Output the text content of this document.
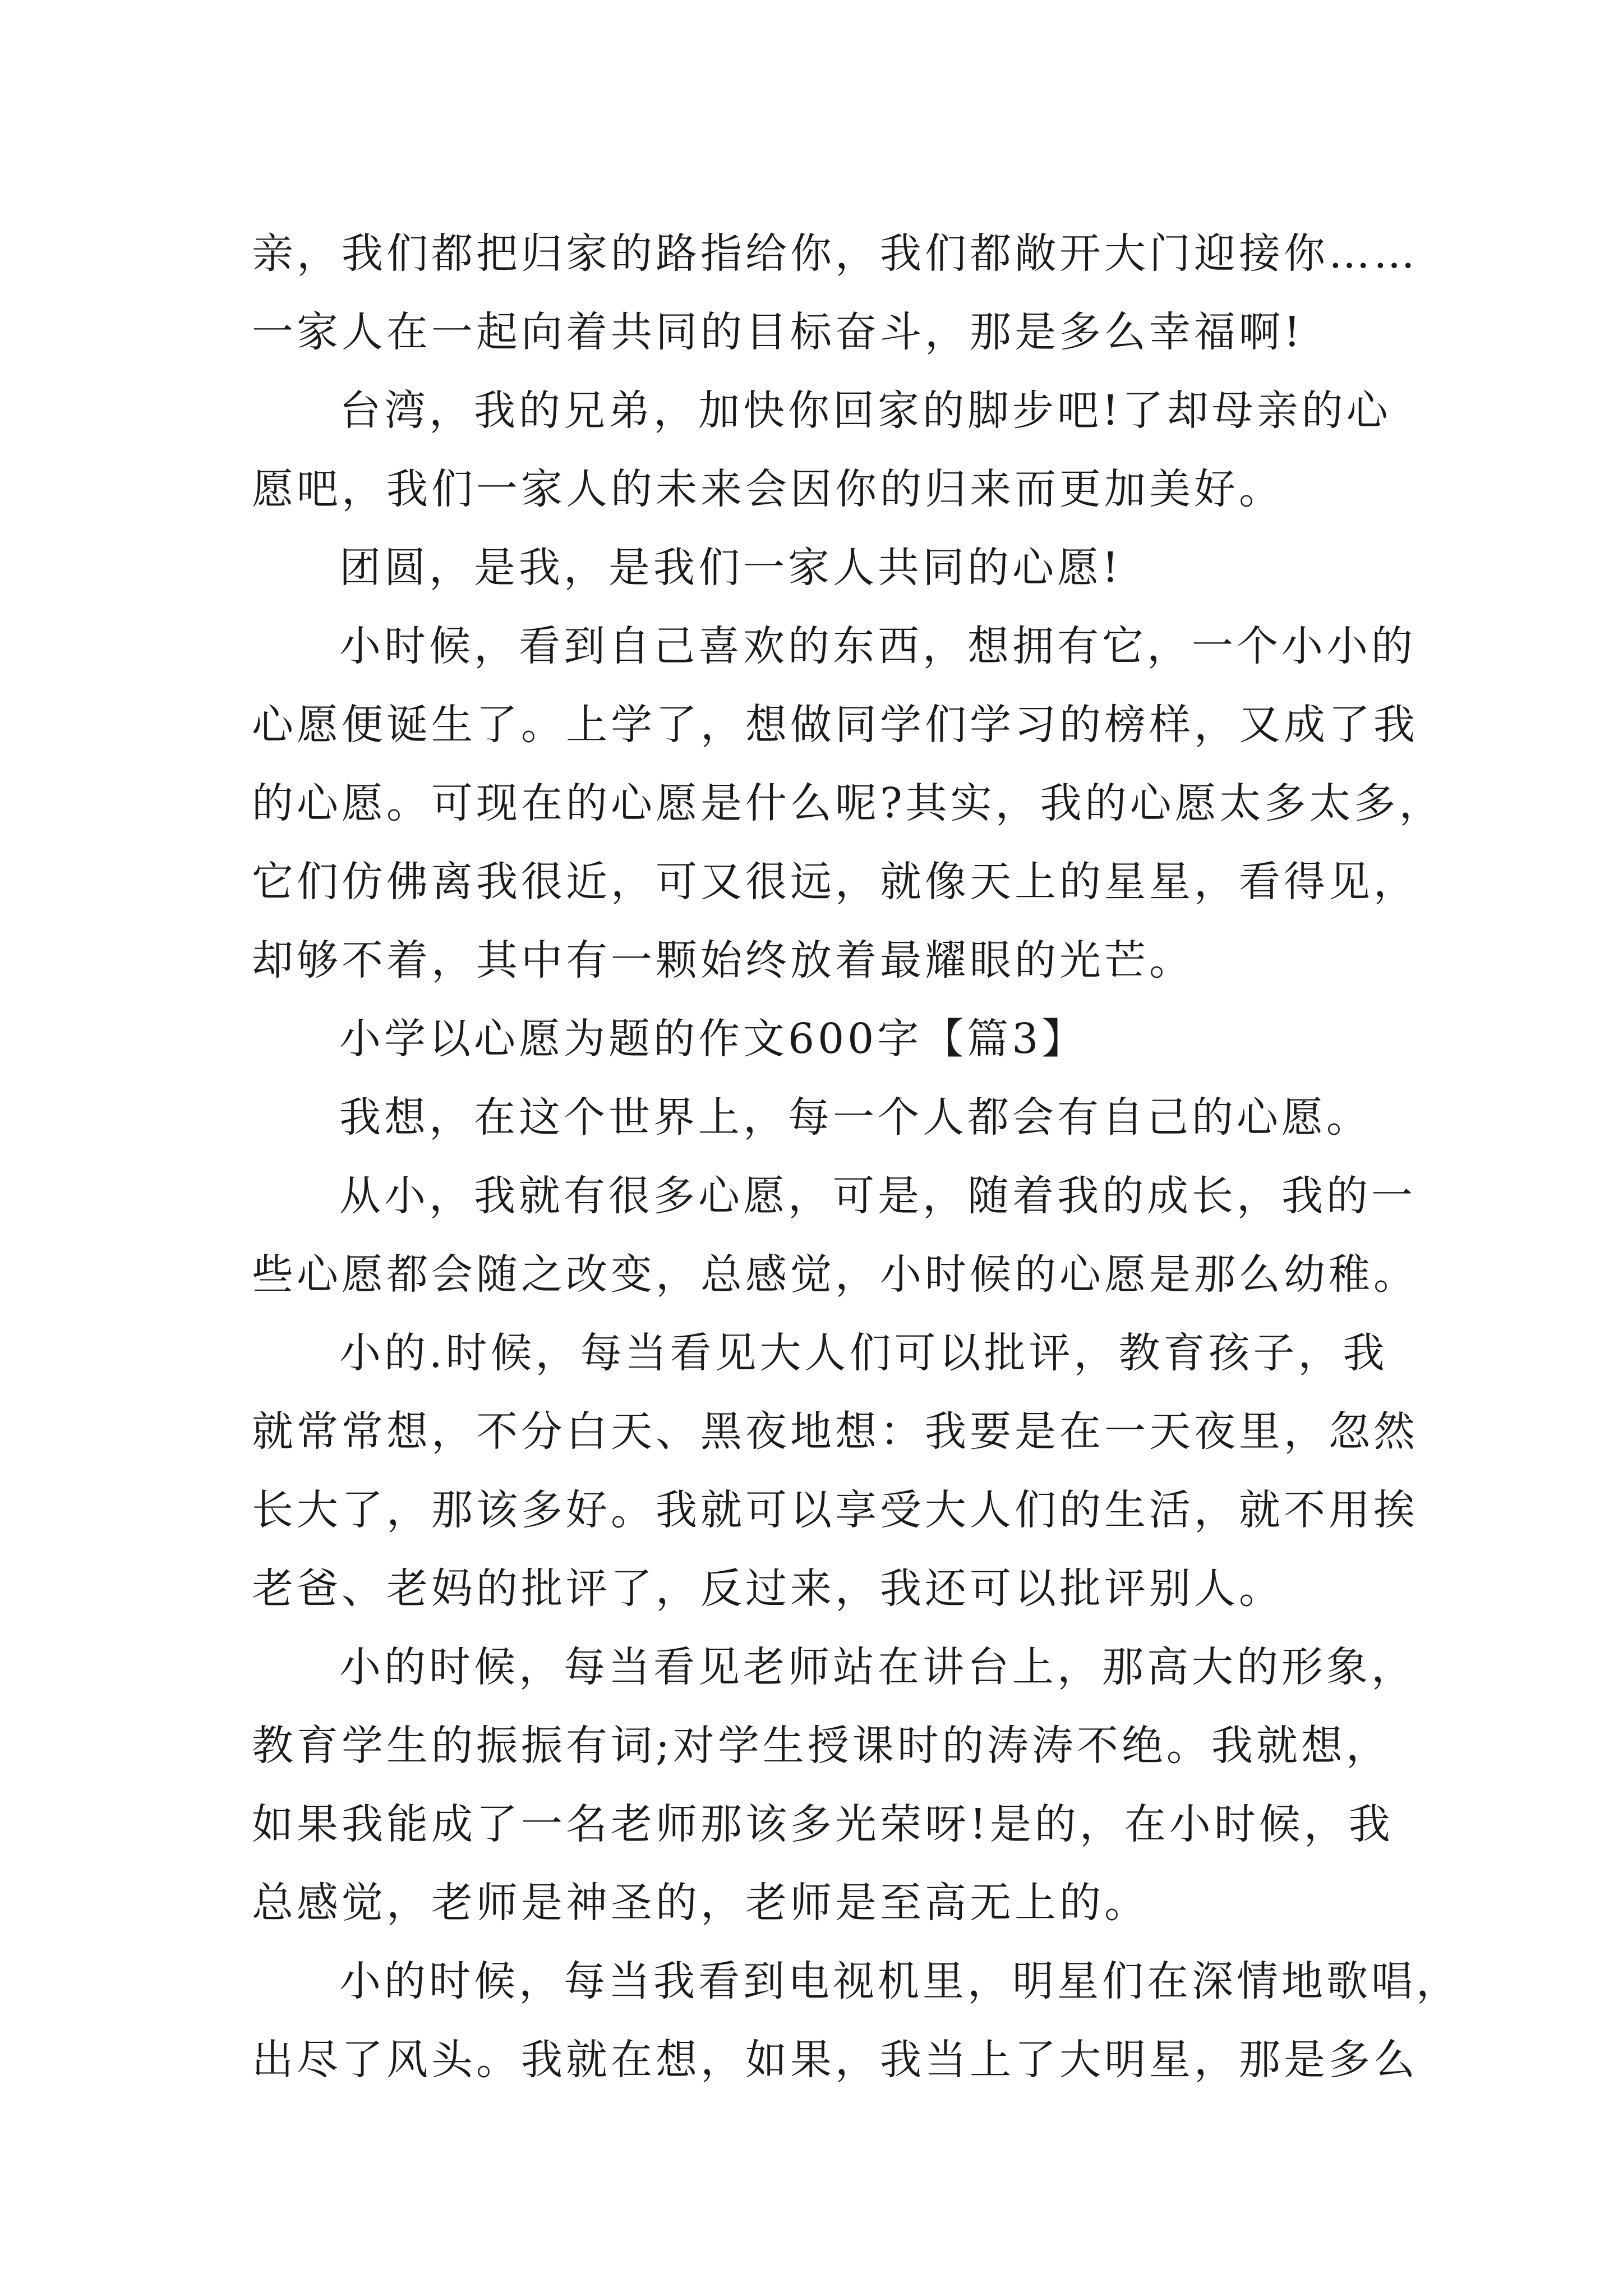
亲，我们都把归家的路指给你，我们都敞开大门迎接你……
一家人在一起向着共同的目标奋斗，那是多么幸福啊!
台湾，我的兄弟，加快你回家的脚步吧!了却母亲的心
愿吧，我们一家人的未来会因你的归来而更加美好。
团圆，是我，是我们一家人共同的心愿!
小时候，看到自己喜欢的东西，想拥有它，一个小小的
心愿便诞生了。上学了，想做同学们学习的榜样，又成了我
的心愿。可现在的心愿是什么呢?其实，我的心愿太多太多，
它们仿佛离我很近，可又很远，就像天上的星星，看得见，
却够不着，其中有一颗始终放着最耀眼的光芒。
小学以心愿为题的作文600字【篇3】
我想，在这个世界上，每一个人都会有自己的心愿。
从小，我就有很多心愿，可是，随着我的成长，我的一
些心愿都会随之改变，总感觉，小时候的心愿是那么幼稚。
小的.时候，每当看见大人们可以批评，教育孩子，我
就常常想，不分白天、黑夜地想：我要是在一天夜里，忽然
长大了，那该多好。我就可以享受大人们的生活，就不用挨
老爸、老妈的批评了，反过来，我还可以批评别人。
小的时候，每当看见老师站在讲台上，那高大的形象，
教育学生的振振有词;对学生授课时的涛涛不绝。我就想，
如果我能成了一名老师那该多光荣呀!是的，在小时候，我
总感觉，老师是神圣的，老师是至高无上的。
小的时候，每当我看到电视机里，明星们在深情地歌唱，
出尽了风头。我就在想，如果，我当上了大明星，那是多么
